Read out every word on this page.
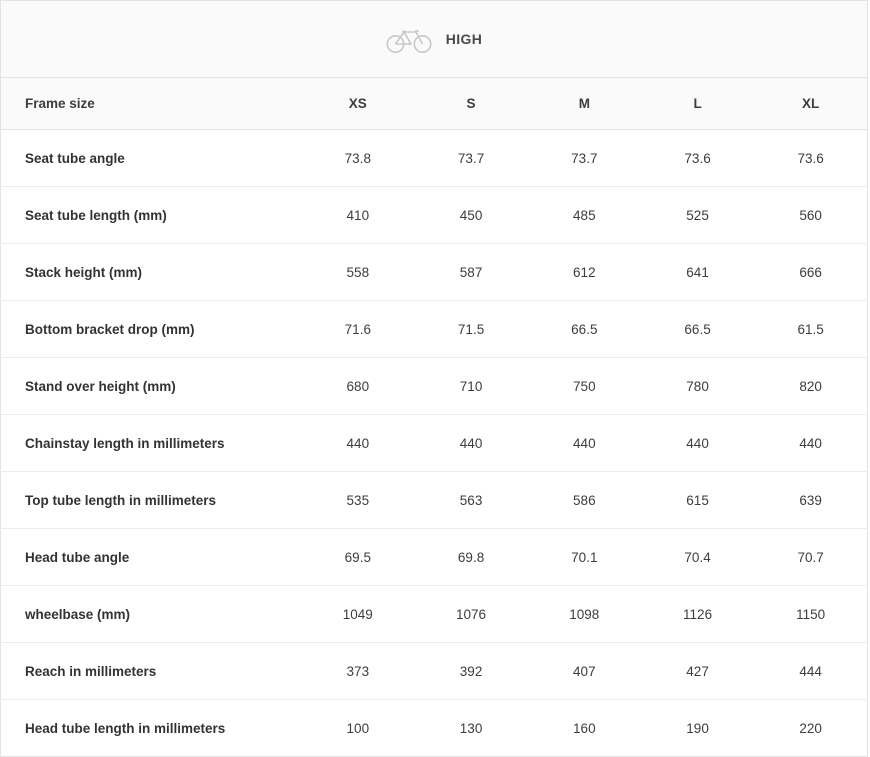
HIGH					

Frame size	XS	S	M	L	XL
Seat tube angle	73.8	73.7	73.7	73.6	73.6
Seat tube length (mm)	410	450	485	525	560
Stack height (mm)	558	587	612	641	666
Bottom bracket drop (mm)	71.6	71.5	66.5	66.5	61.5
Stand over height (mm)	680	710	750	780	820
Chainstay length in millimeters	440	440	440	440	440
Top tube length in millimeters	535	563	586	615	639
Head tube angle	69.5	69.8	70.1	70.4	70.7
wheelbase (mm)	1049	1076	1098	1126	1150
Reach in millimeters	373	392	407	427	444
Head tube length in millimeters	100	130	160	190	220
